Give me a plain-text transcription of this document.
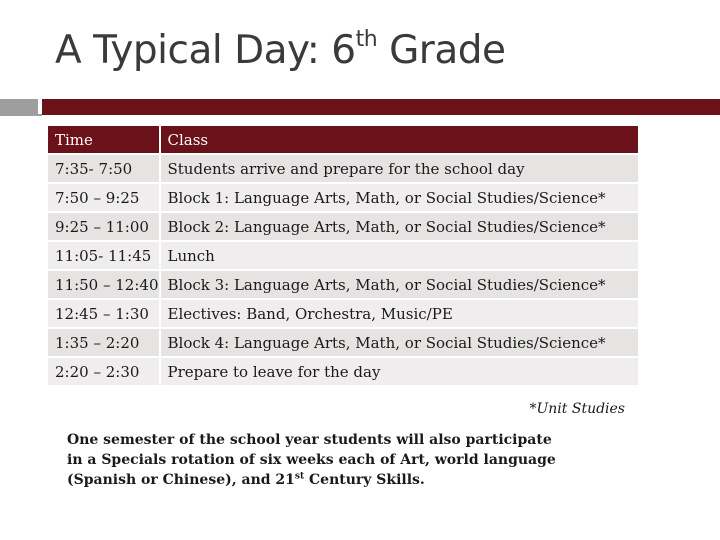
A Typical Day: 6th Grade
Time	Class
7:35- 7:50	Students arrive and prepare for the school day
7:50 – 9:25	Block 1: Language Arts, Math, or Social Studies/Science*
9:25 – 11:00	Block 2: Language Arts, Math, or Social Studies/Science*
11:05- 11:45	Lunch
11:50 – 12:40	Block 3: Language Arts, Math, or Social Studies/Science*
12:45 – 1:30	Electives: Band, Orchestra, Music/PE
1:35 – 2:20	Block 4: Language Arts, Math, or Social Studies/Science*
2:20 – 2:30	Prepare to leave for the day
*Unit Studies

One semester of the school year students will also participate
in a Specials rotation of six weeks each of Art, world language
(Spanish or Chinese), and 21st Century Skills.
